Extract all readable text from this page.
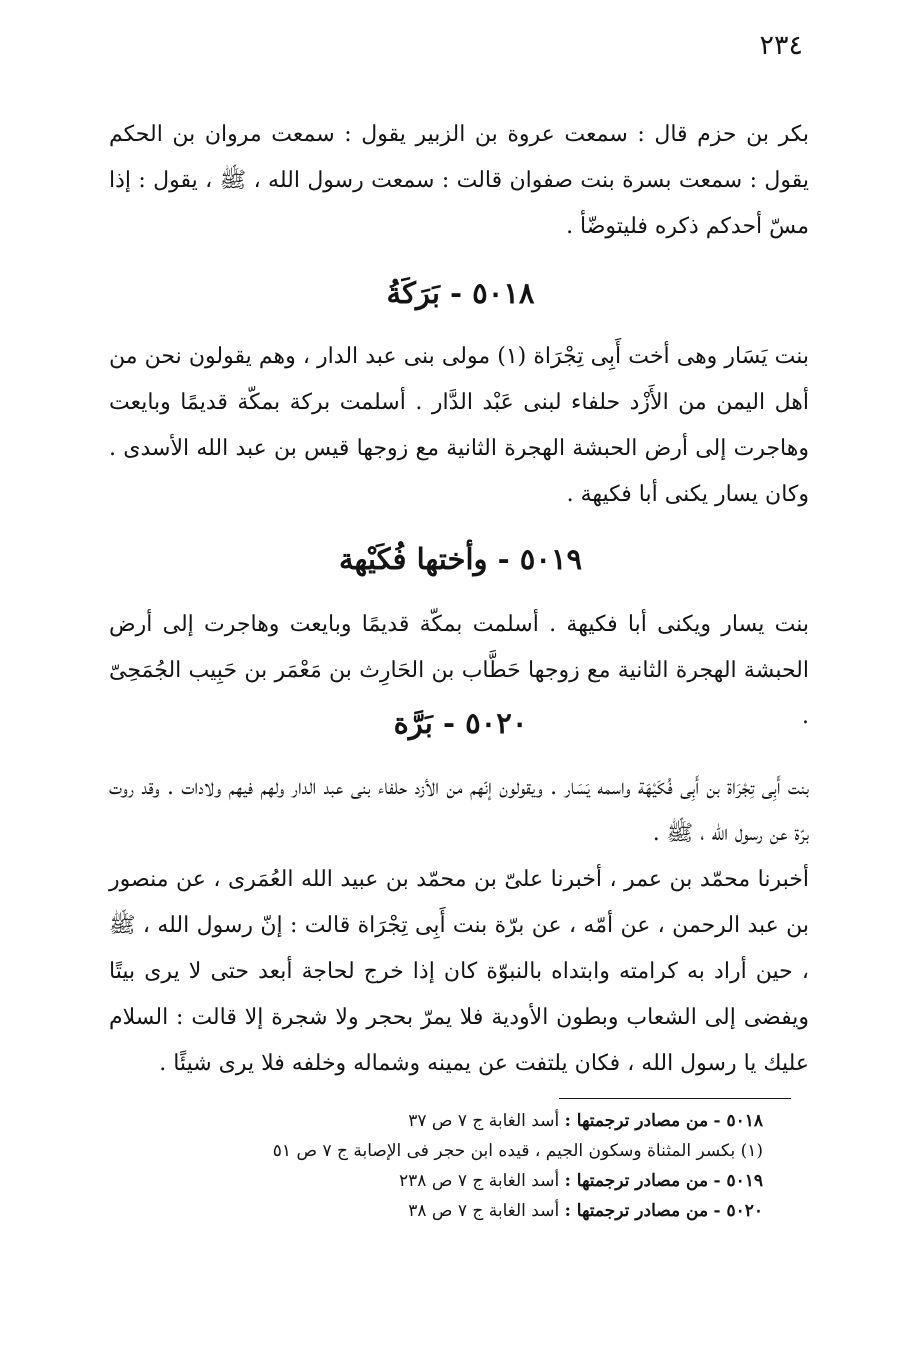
٢٣٤
بكر بن حزم قال : سمعت عروة بن الزبير يقول : سمعت مروان بن الحكم يقول : سمعت بسرة بنت صفوان قالت : سمعت رسول الله ، ﷺ ، يقول : إذا مسّ أحدكم ذكره فليتوضّأ .
٥٠١٨ - بَرَكَةُ
بنت يَسَار وهى أخت أَبِى تِجْرَاة (١) مولى بنى عبد الدار ، وهم يقولون نحن من أهل اليمن من الأَزْد حلفاء لبنى عَبْد الدَّار . أسلمت بركة بمكّة قديمًا وبايعت وهاجرت إلى أرض الحبشة الهجرة الثانية مع زوجها قيس بن عبد الله الأسدى . وكان يسار يكنى أبا فكيهة .
٥٠١٩ - وأختها فُكَيْهة
بنت يسار ويكنى أبا فكيهة . أسلمت بمكّة قديمًا وبايعت وهاجرت إلى أرض الحبشة الهجرة الثانية مع زوجها حَطَّاب بن الحَارِث بن مَعْمَر بن حَبِيب الجُمَحِىّ .
٥٠٢٠ - بَرَّة
بنت أَبِى تِجْرَاة بن أَبِى فُكَيْهَة واسمه يَسَار . ويقولون إنّهم من الأزد حلفاء بنى عبد الدار ولهم فيهم ولادات . وقد روت برّة عن رسول الله ، ﷺ .
أخبرنا محمّد بن عمر ، أخبرنا علىّ بن محمّد بن عبيد الله العُمَرى ، عن منصور بن عبد الرحمن ، عن أمّه ، عن برّة بنت أَبِى تِجْرَاة قالت : إنّ رسول الله ، ﷺ ، حين أراد به كرامته وابتداه بالنبوّة كان إذا خرج لحاجة أبعد حتى لا يرى بيتًا ويفضى إلى الشعاب وبطون الأودية فلا يمرّ بحجر ولا شجرة إلا قالت : السلام عليك يا رسول الله ، فكان يلتفت عن يمينه وشماله وخلفه فلا يرى شيئًا .
٥٠١٨ - من مصادر ترجمتها : أسد الغابة ج ٧ ص ٣٧
(١) بكسر المثناة وسكون الجيم ، قيده ابن حجر فى الإصابة ج ٧ ص ٥١
٥٠١٩ - من مصادر ترجمتها : أسد الغابة ج ٧ ص ٢٣٨
٥٠٢٠ - من مصادر ترجمتها : أسد الغابة ج ٧ ص ٣٨
